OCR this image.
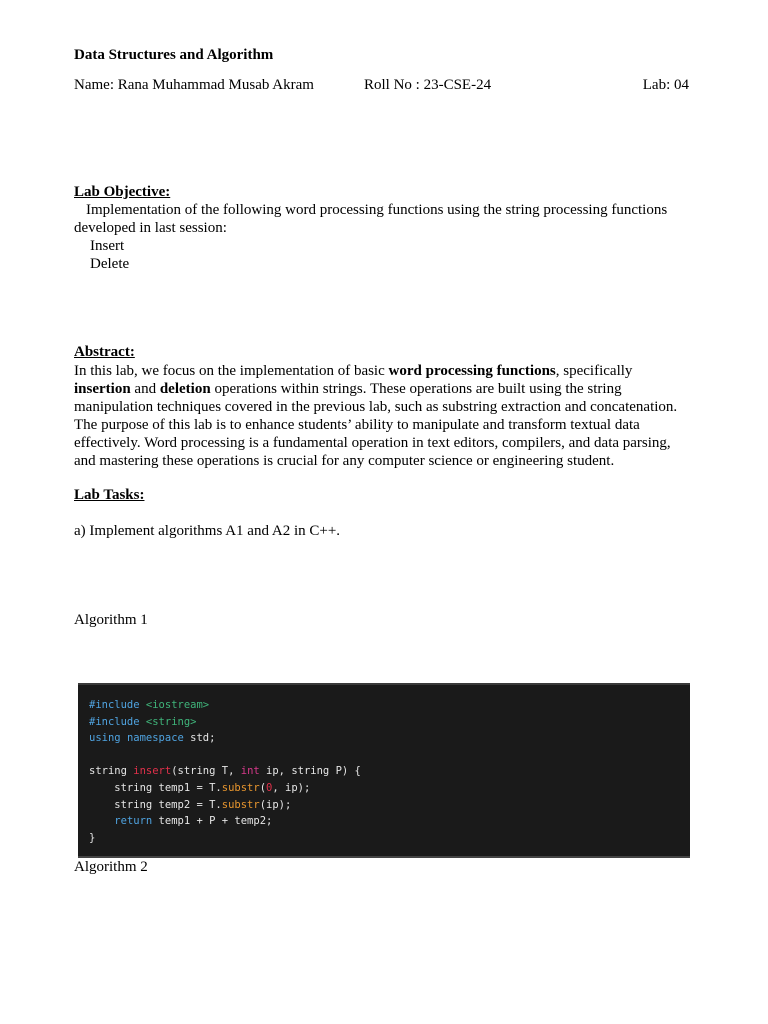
Data Structures and Algorithm
Name: Rana Muhammad Musab Akram	Roll No : 23-CSE-24	Lab: 04
Lab Objective:
Implementation of the following word processing functions using the string processing functions developed in last session:
Insert
Delete
Abstract:
In this lab, we focus on the implementation of basic word processing functions, specifically insertion and deletion operations within strings. These operations are built using the string manipulation techniques covered in the previous lab, such as substring extraction and concatenation. The purpose of this lab is to enhance students’ ability to manipulate and transform textual data effectively. Word processing is a fundamental operation in text editors, compilers, and data parsing, and mastering these operations is crucial for any computer science or engineering student.
Lab Tasks:
a) Implement algorithms A1 and A2 in C++.
Algorithm 1
#include <iostream>
#include <string>
using namespace std;
string insert(string T, int ip, string P) {
string temp1 = T.substr(0, ip);
string temp2 = T.substr(ip);
return temp1 + P + temp2;
}
Algorithm 2
